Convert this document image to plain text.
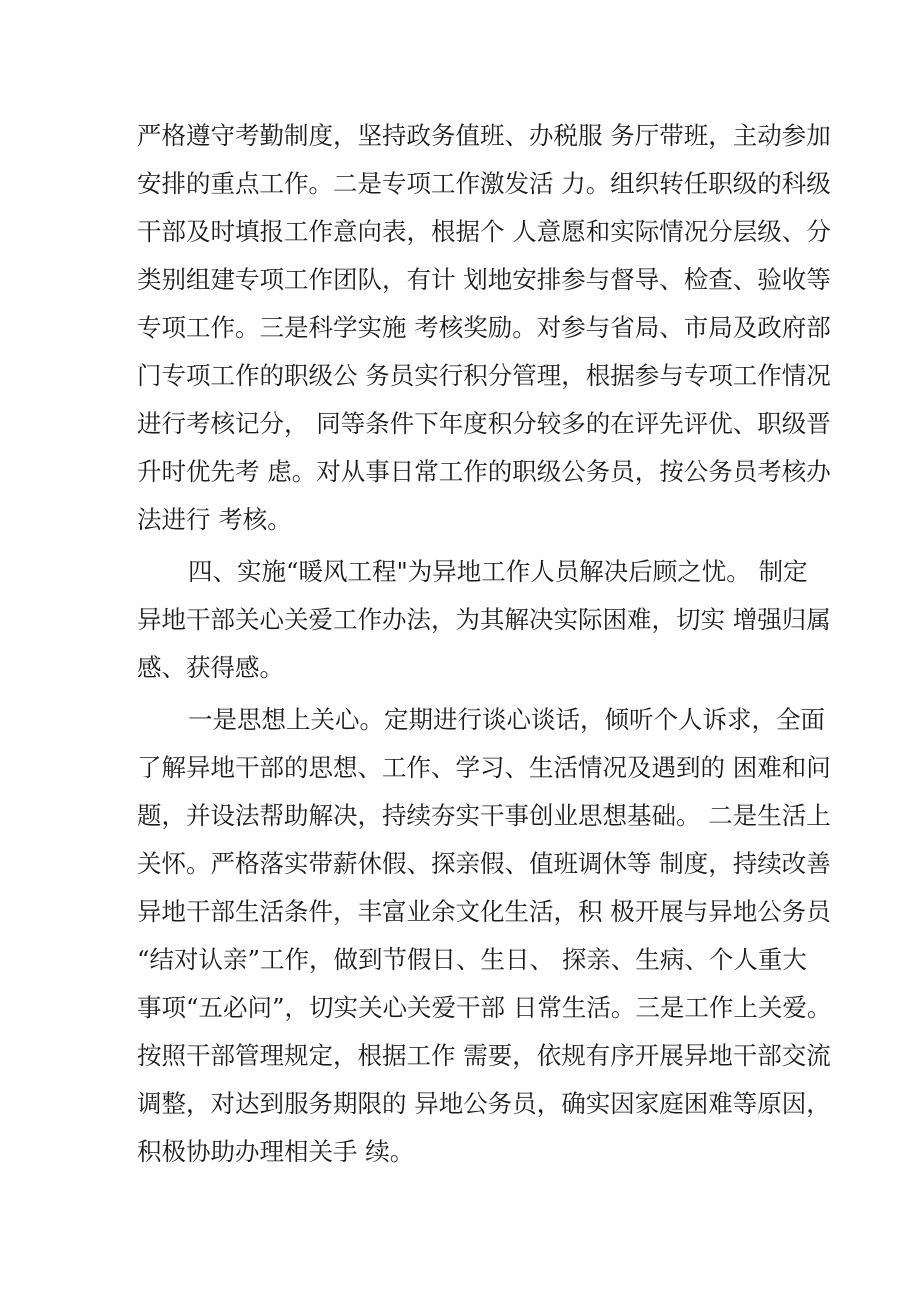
严格遵守考勤制度，坚持政务值班、办税服 务厅带班，主动参加
安排的重点工作。二是专项工作激发活 力。组织转任职级的科级
干部及时填报工作意向表，根据个 人意愿和实际情况分层级、分
类别组建专项工作团队，有计 划地安排参与督导、检查、验收等
专项工作。三是科学实施 考核奖励。对参与省局、市局及政府部
门专项工作的职级公 务员实行积分管理，根据参与专项工作情况
进行考核记分， 同等条件下年度积分较多的在评先评优、职级晋
升时优先考 虑。对从事日常工作的职级公务员，按公务员考核办
法进行 考核。
四、实施“暖风工程"为异地工作人员解决后顾之忧。 制定
异地干部关心关爱工作办法，为其解决实际困难，切实 增强归属
感、获得感。
一是思想上关心。定期进行谈心谈话，倾听个人诉求，全面
了解异地干部的思想、工作、学习、生活情况及遇到的 困难和问
题，并设法帮助解决，持续夯实干事创业思想基础。 二是生活上
关怀。严格落实带薪休假、探亲假、值班调休等 制度，持续改善
异地干部生活条件，丰富业余文化生活，积 极开展与异地公务员
“结对认亲”工作，做到节假日、生日、 探亲、生病、个人重大
事项“五必问”，切实关心关爱干部 日常生活。三是工作上关爱。
按照干部管理规定，根据工作 需要，依规有序开展异地干部交流
调整，对达到服务期限的 异地公务员，确实因家庭困难等原因，
积极协助办理相关手 续。
